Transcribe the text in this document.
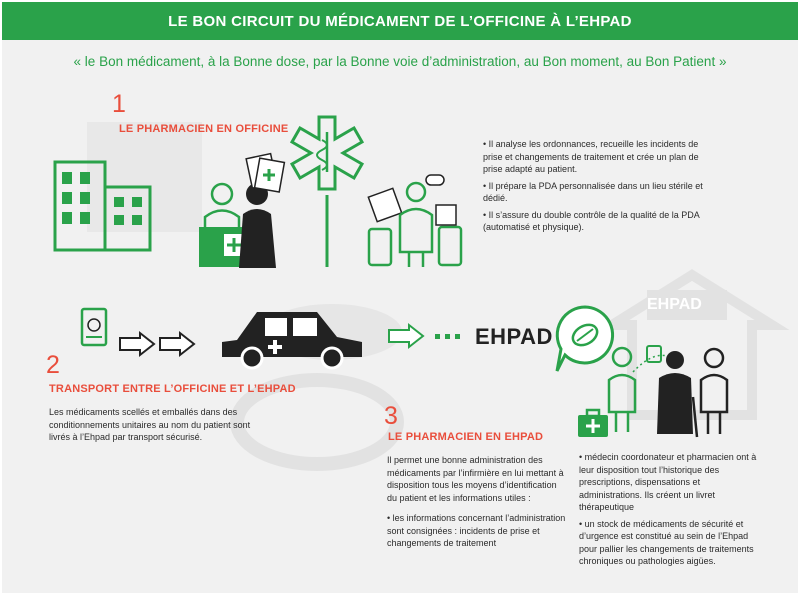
LE BON CIRCUIT DU MÉDICAMENT DE L’OFFICINE À L’EHPAD
« le Bon médicament, à la Bonne dose, par la Bonne voie d’administration, au Bon moment, au Bon Patient »
1
LE PHARMACIEN EN OFFICINE

• Il analyse les ordonnances, recueille les incidents de prise et changements de traitement et crée un plan de prise adapté au patient.

• Il prépare la PDA personnalisée dans un lieu stérile et dédié.

• Il s’assure du double contrôle de la qualité de la PDA (automatisé et physique).

EHPAD
2
TRANSPORT ENTRE L’OFFICINE ET L’EHPAD
Les médicaments scellés et emballés dans des conditionnements unitaires au nom du patient sont livrés à l’Ehpad par transport sécurisé.
EHPAD
3
LE PHARMACIEN EN EHPAD

Il permet une bonne administration des médicaments par l’infirmière en lui mettant à disposition tous les moyens d’identification du patient et les informations utiles :

• les informations concernant l’administration sont consignées : incidents de prise et changements de traitement

• médecin coordonateur et pharmacien ont à leur disposition tout l’historique des prescriptions, dispensations et administrations. Ils créent un livret thérapeutique

• un stock de médicaments de sécurité et d’urgence est constitué au sein de l’Ehpad pour pallier les changements de traitements chroniques ou pathologies aigües.
